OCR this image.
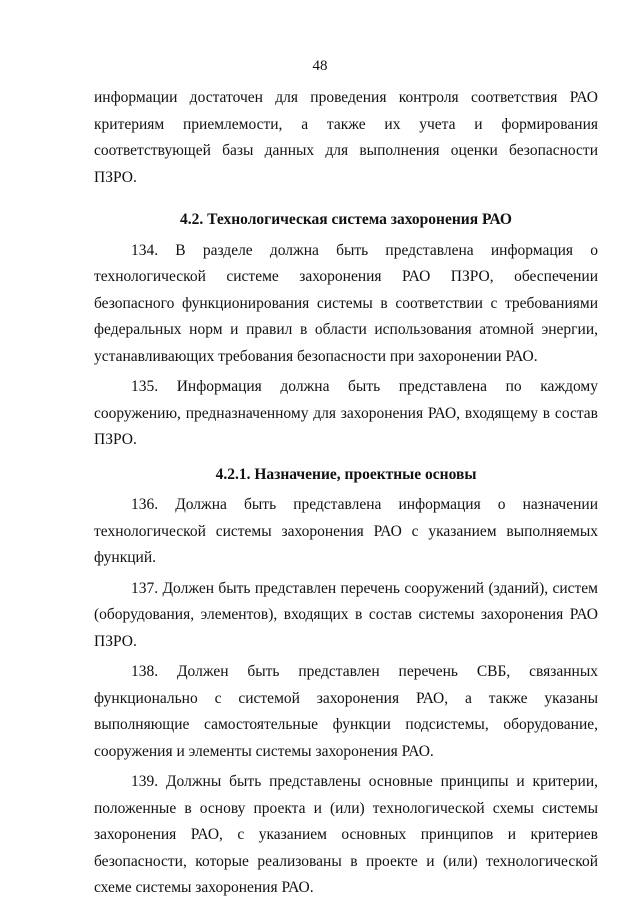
48

информации достаточен для проведения контроля соответствия РАО критериям приемлемости, а также их учета и формирования соответствующей базы данных для выполнения оценки безопасности ПЗРО.

4.2. Технологическая система захоронения РАО

134. В разделе должна быть представлена информация о технологической системе захоронения РАО ПЗРО, обеспечении безопасного функционирования системы в соответствии с требованиями федеральных норм и правил в области использования атомной энергии, устанавливающих требования безопасности при захоронении РАО.

135. Информация должна быть представлена по каждому сооружению, предназначенному для захоронения РАО, входящему в состав ПЗРО.

4.2.1. Назначение, проектные основы

136. Должна быть представлена информация о назначении технологической системы захоронения РАО с указанием выполняемых функций.

137. Должен быть представлен перечень сооружений (зданий), систем (оборудования, элементов), входящих в состав системы захоронения РАО ПЗРО.

138. Должен быть представлен перечень СВБ, связанных функционально с системой захоронения РАО, а также указаны выполняющие самостоятельные функции подсистемы, оборудование, сооружения и элементы системы захоронения РАО.

139. Должны быть представлены основные принципы и критерии, положенные в основу проекта и (или) технологической схемы системы захоронения РАО, с указанием основных принципов и критериев безопасности, которые реализованы в проекте и (или) технологической схеме системы захоронения РАО.
